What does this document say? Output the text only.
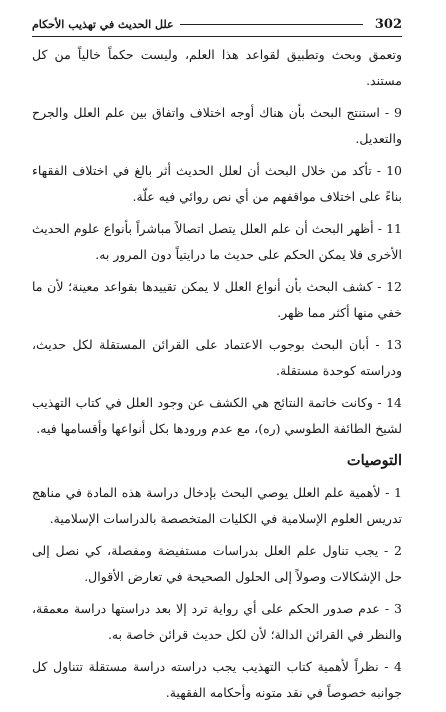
302
علل الحديث في تهذيب الأحكام

وتعمق وبحث وتطبيق لقواعد هذا العلم، وليست حكماً خالياً من كل مستند.

9 - استنتج البحث بأن هناك أوجه اختلاف واتفاق بين علم العلل والجرح والتعديل.

10 - تأكد من خلال البحث أن لعلل الحديث أثر بالغ في اختلاف الفقهاء بناءً على اختلاف مواقفهم من أي نص روائي فيه علّة.

11 - أظهر البحث أن علم العلل يتصل اتصالاً مباشراً بأنواع علوم الحديث الأخرى فلا يمكن الحكم على حديث ما درايتياً دون المرور به.

12 - كشف البحث بأن أنواع العلل لا يمكن تقييدها بقواعد معينة؛ لأن ما خفي منها أكثر مما ظهر.

13 - أبان البحث بوجوب الاعتماد على القرائن المستقلة لكل حديث، ودراسته كوحدة مستقلة.

14 - وكانت خاتمة النتائج هي الكشف عن وجود العلل في كتاب التهذيب لشيخ الطائفة الطوسي (ره)، مع عدم ورودها بكل أنواعها وأقسامها فيه.

التوصيات

1 - لأهمية علم العلل يوصي البحث بإدخال دراسة هذه المادة في مناهج تدريس العلوم الإسلامية في الكليات المتخصصة بالدراسات الإسلامية.

2 - يجب تناول علم العلل بدراسات مستفيضة ومفصلة، كي نصل إلى حل الإشكالات وصولاً إلى الحلول الصحيحة في تعارض الأقوال.

3 - عدم صدور الحكم على أي رواية ترد إلا بعد دراستها دراسة معمقة، والنظر في القرائن الدالة؛ لأن لكل حديث قرائن خاصة به.

4 - نظراً لأهمية كتاب التهذيب يجب دراسته دراسة مستقلة تتناول كل جوانبه خصوصاً في نقد متونه وأحكامه الفقهية.
